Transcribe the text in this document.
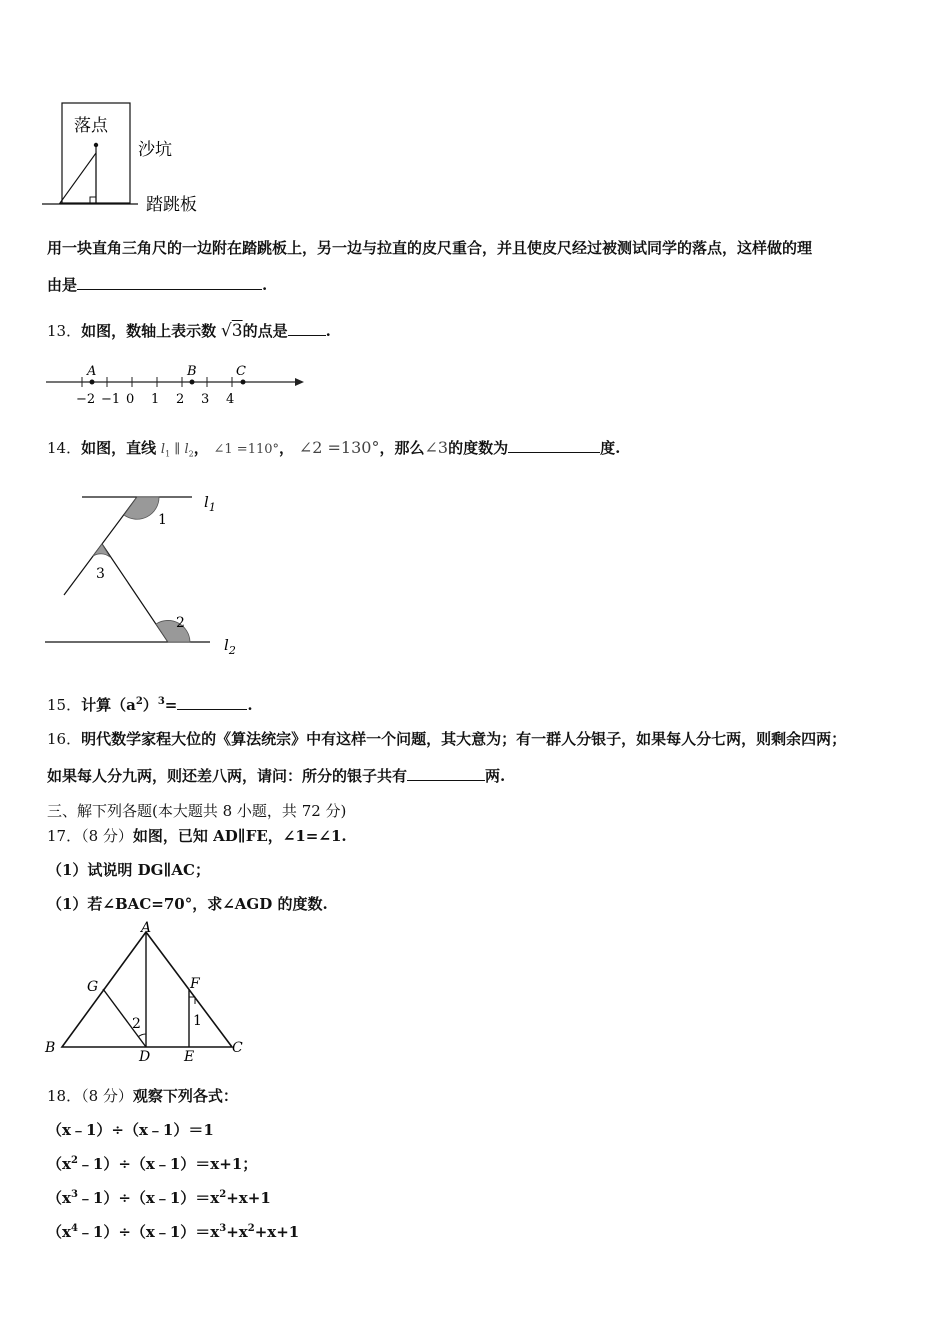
落点
沙坑
踏跳板
用一块直角三角尺的一边附在踏跳板上，另一边与拉直的皮尺重合，并且使皮尺经过被测试同学的落点，这样做的理
由是	.
13．如图，数轴上表示数 √3的点是	.
−2 −1 0 1 2 3 4
A	B	C
14．如图，直线 $l_1$ ∥ $l_2$， ∠1 =110°， ∠2 =130°，那么∠3的度数为	度.
1
3
2
$l_1$
$l_2$
15．计算$(a^2)^3=$	.
16．明代数学家程大位的《算法统宗》中有这样一个问题，其大意为；有一群人分银子，如果每人分七两，则剩余四两；
如果每人分九两，则还差八两，请问：所分的银子共有	两.
三、解下列各题(本大题共 8 小题，共 72 分)
17．（8 分）如图，已知 AD∥FE，∠1=∠1.
（1）试说明 DG∥AC；
（1）若∠BAC=70°，求∠AGD 的度数.
A
B	C
D E
F
G
1
2
18．（8 分）观察下列各式：
（x﹣1）÷（x﹣1）＝1
$(x^2﹣1)\div(x﹣1)=x+1$；
$(x^3﹣1)\div(x﹣1)=x^2+x+1$
$(x^4﹣1)\div(x﹣1)=x^3+x^2+x+1$
